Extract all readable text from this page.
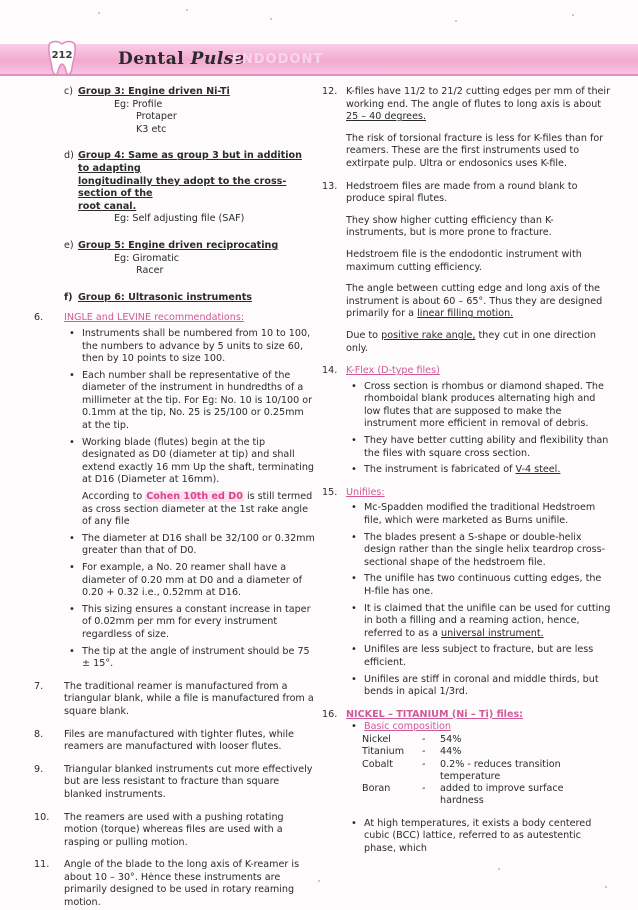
212	Dental Pulse
ENDODONT
c) Group 3: Engine driven Ni-Ti
Eg: Profile
Protaper
K3 etc
d) Group 4: Same as group 3 but in addition to adapting
longitudinally they adopt to the cross-section of the
root canal.
Eg: Self adjusting file (SAF)
e) Group 5: Engine driven reciprocating
Eg: Giromatic
Racer
f) Group 6: Ultrasonic instruments
6. INGLE and LEVINE recommendations:
• Instruments shall be numbered from 10 to 100, the numbers to advance by 5 units to size 60, then by 10 points to size 100.
• Each number shall be representative of the diameter of the instrument in hundredths of a millimeter at the tip. For Eg: No. 10 is 10/100 or 0.1mm at the tip, No. 25 is 25/100 or 0.25mm at the tip.
• Working blade (flutes) begin at the tip designated as D0 (diameter at tip) and shall extend exactly 16 mm Up the shaft, terminating at D16 (Diameter at 16mm).
According to Cohen 10th ed D0 is still termed as cross section diameter at the 1st rake angle of any file
• The diameter at D16 shall be 32/100 or 0.32mm greater than that of D0.
• For example, a No. 20 reamer shall have a diameter of 0.20 mm at D0 and a diameter of 0.20 + 0.32 i.e., 0.52mm at D16.
• This sizing ensures a constant increase in taper of 0.02mm per mm for every instrument regardless of size.
• The tip at the angle of instrument should be 75 ± 15°.
7. The traditional reamer is manufactured from a triangular blank, while a file is manufactured from a square blank.
8. Files are manufactured with tighter flutes, while reamers are manufactured with looser flutes.
9. Triangular blanked instruments cut more effectively but are less resistant to fracture than square blanked instruments.
10. The reamers are used with a pushing rotating motion (torque) whereas files are used with a rasping or pulling motion.
11. Angle of the blade to the long axis of K-reamer is about 10 – 30°. Hence these instruments are primarily designed to be used in rotary reaming motion.
12. K-files have 11/2 to 21/2 cutting edges per mm of their working end. The angle of flutes to long axis is about 25 – 40 degrees.
The risk of torsional fracture is less for K-files than for reamers. These are the first instruments used to extirpate pulp. Ultra or endosonics uses K-file.
13. Hedstroem files are made from a round blank to produce spiral flutes.
They show higher cutting efficiency than K-instruments, but is more prone to fracture.
Hedstroem file is the endodontic instrument with maximum cutting efficiency.
The angle between cutting edge and long axis of the instrument is about 60 – 65°. Thus they are designed primarily for a linear filling motion.
Due to positive rake angle, they cut in one direction only.
14. K-Flex (D-type files)
• Cross section is rhombus or diamond shaped. The rhomboidal blank produces alternating high and low flutes that are supposed to make the instrument more efficient in removal of debris.
• They have better cutting ability and flexibility than the files with square cross section.
• The instrument is fabricated of V-4 steel.
15. Unifiles:
• Mc-Spadden modified the traditional Hedstroem file, which were marketed as Burns unifile.
• The blades present a S-shape or double-helix design rather than the single helix teardrop cross-sectional shape of the hedstroem file.
• The unifile has two continuous cutting edges, the H-file has one.
• It is claimed that the unifile can be used for cutting in both a filling and a reaming action, hence, referred to as a universal instrument.
• Unifiles are less subject to fracture, but are less efficient.
• Unifiles are stiff in coronal and middle thirds, but bends in apical 1/3rd.
16. NICKEL – TITANIUM (Ni – Ti) files:
• Basic composition
Nickel	-	54%
Titanium	-	44%
Cobalt	-	0.2% - reduces transition temperature
Boran	-	added to improve surface hardness
• At high temperatures, it exists a body centered cubic (BCC) lattice, referred to as autestentic phase, which
